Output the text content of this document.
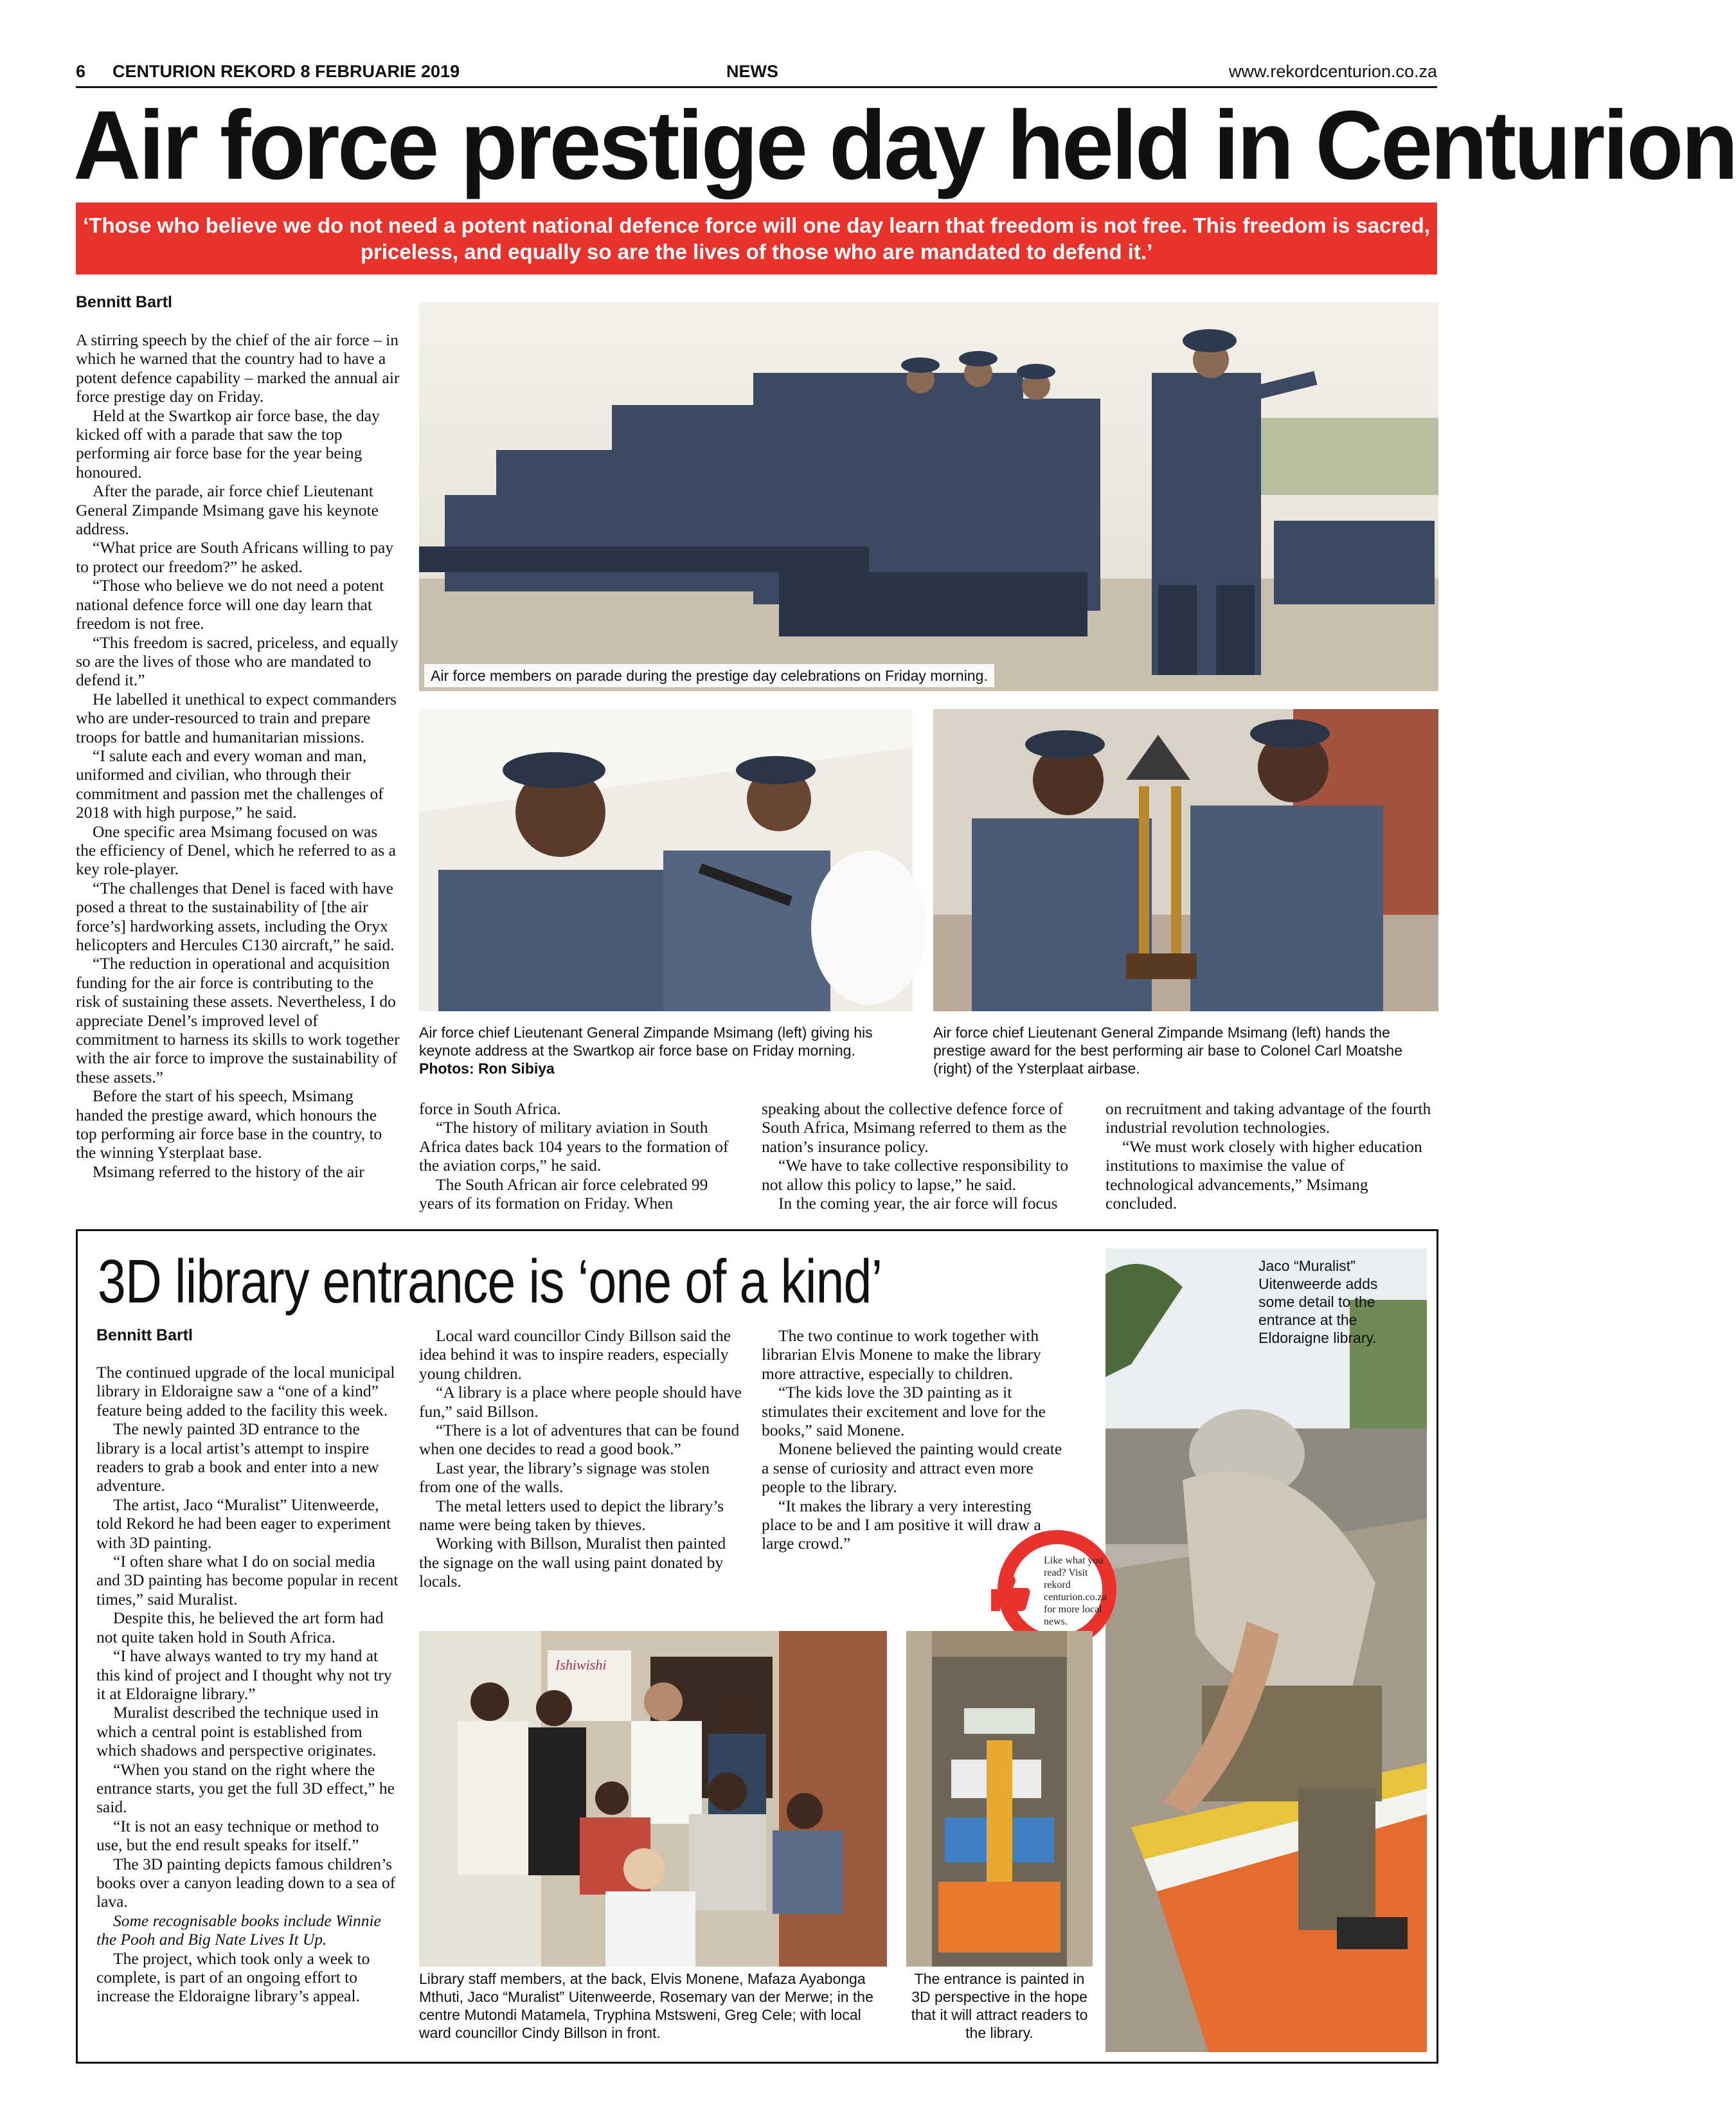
6 CENTURION REKORD 8 FEBRUARIE 2019	NEWS	www.rekordcenturion.co.za
Air force prestige day held in Centurion
‘Those who believe we do not need a potent national defence force will one day learn that freedom is not free. This freedom is sacred, priceless, and equally so are the lives of those who are mandated to defend it.’
Bennitt Bartl

A stirring speech by the chief of the air force – in which he warned that the country had to have a potent defence capability – marked the annual air force prestige day on Friday.

Held at the Swartkop air force base, the day kicked off with a parade that saw the top performing air force base for the year being honoured.

After the parade, air force chief Lieutenant General Zimpande Msimang gave his keynote address.

“What price are South Africans willing to pay to protect our freedom?” he asked.

“Those who believe we do not need a potent national defence force will one day learn that freedom is not free.

“This freedom is sacred, priceless, and equally so are the lives of those who are mandated to defend it.”

He labelled it unethical to expect commanders who are under-resourced to train and prepare troops for battle and humanitarian missions.

“I salute each and every woman and man, uniformed and civilian, who through their commitment and passion met the challenges of 2018 with high purpose,” he said.

One specific area Msimang focused on was the efficiency of Denel, which he referred to as a key role-player.

“The challenges that Denel is faced with have posed a threat to the sustainability of [the air force’s] hardworking assets, including the Oryx helicopters and Hercules C130 aircraft,” he said.

“The reduction in operational and acquisition funding for the air force is contributing to the risk of sustaining these assets. Nevertheless, I do appreciate Denel’s improved level of commitment to harness its skills to work together with the air force to improve the sustainability of these assets.”

Before the start of his speech, Msimang handed the prestige award, which honours the top performing air force base in the country, to the winning Ysterplaat base.

Msimang referred to the history of the air

Air force members on parade during the prestige day celebrations on Friday morning.
Air force chief Lieutenant General Zimpande Msimang (left) giving his keynote address at the Swartkop air force base on Friday morning.
Photos: Ron Sibiya
Air force chief Lieutenant General Zimpande Msimang (left) hands the prestige award for the best performing air base to Colonel Carl Moatshe (right) of the Ysterplaat airbase.

force in South Africa.

“The history of military aviation in South Africa dates back 104 years to the formation of the aviation corps,” he said.

The South African air force celebrated 99 years of its formation on Friday. When

speaking about the collective defence force of South Africa, Msimang referred to them as the nation’s insurance policy.

“We have to take collective responsibility to not allow this policy to lapse,” he said.

In the coming year, the air force will focus

on recruitment and taking advantage of the fourth industrial revolution technologies.

“We must work closely with higher education institutions to maximise the value of technological advancements,” Msimang concluded.

3D library entrance is ‘one of a kind’
Bennitt Bartl

The continued upgrade of the local municipal library in Eldoraigne saw a “one of a kind” feature being added to the facility this week.

The newly painted 3D entrance to the library is a local artist’s attempt to inspire readers to grab a book and enter into a new adventure.

The artist, Jaco “Muralist” Uitenweerde, told Rekord he had been eager to experiment with 3D painting.

“I often share what I do on social media and 3D painting has become popular in recent times,” said Muralist.

Despite this, he believed the art form had not quite taken hold in South Africa.

“I have always wanted to try my hand at this kind of project and I thought why not try it at Eldoraigne library.”

Muralist described the technique used in which a central point is established from which shadows and perspective originates.

“When you stand on the right where the entrance starts, you get the full 3D effect,” he said.

“It is not an easy technique or method to use, but the end result speaks for itself.”

The 3D painting depicts famous children’s books over a canyon leading down to a sea of lava.

Some recognisable books include Winnie the Pooh and Big Nate Lives It Up.

The project, which took only a week to complete, is part of an ongoing effort to increase the Eldoraigne library’s appeal.

Local ward councillor Cindy Billson said the idea behind it was to inspire readers, especially young children.

“A library is a place where people should have fun,” said Billson.

“There is a lot of adventures that can be found when one decides to read a good book.”

Last year, the library’s signage was stolen from one of the walls.

The metal letters used to depict the library’s name were being taken by thieves.

Working with Billson, Muralist then painted the signage on the wall using paint donated by locals.

The two continue to work together with librarian Elvis Monene to make the library more attractive, especially to children.

“The kids love the 3D painting as it stimulates their excitement and love for the books,” said Monene.

Monene believed the painting would create a sense of curiosity and attract even more people to the library.

“It makes the library a very interesting place to be and I am positive it will draw a large crowd.”

Jaco “Muralist” Uitenweerde adds some detail to the entrance at the Eldoraigne library.
Like what you read? Visit rekord centurion.co.za for more local news.
Ishiwishi
Library staff members, at the back, Elvis Monene, Mafaza Ayabonga Mthuti, Jaco “Muralist” Uitenweerde, Rosemary van der Merwe; in the centre Mutondi Matamela, Tryphina Mstsweni, Greg Cele; with local ward councillor Cindy Billson in front.
The entrance is painted in 3D perspective in the hope that it will attract readers to the library.
